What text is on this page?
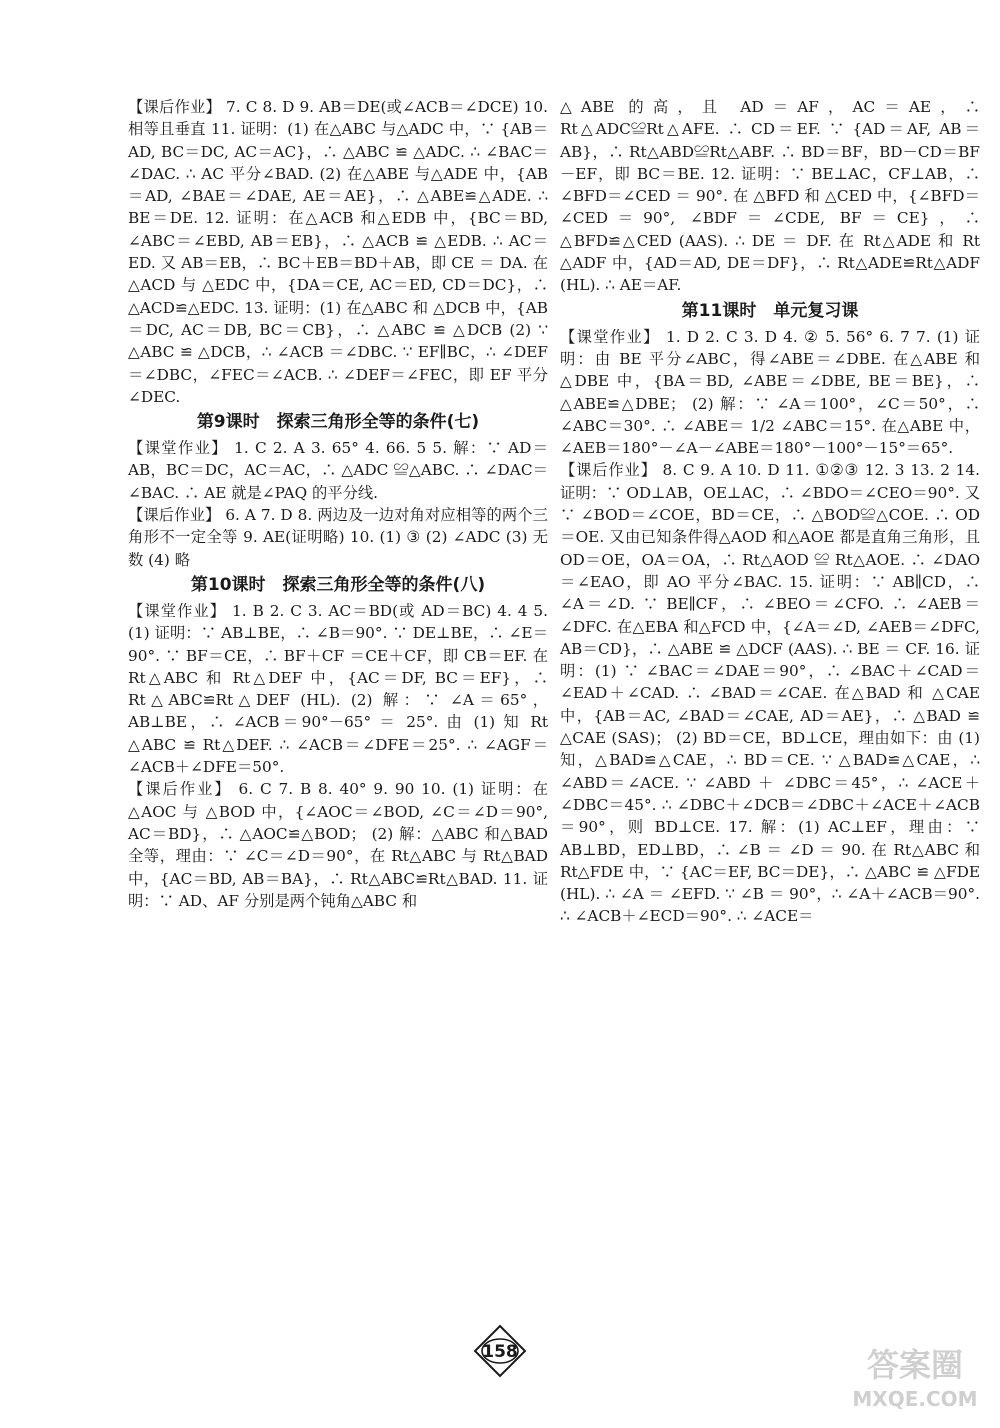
【课后作业】 7. C 8. D 9. AB＝DE(或∠ACB＝∠DCE) 10. 相等且垂直 11. 证明：(1) 在△ABC 与△ADC 中，∵ {AB＝AD, BC＝DC, AC＝AC}，∴ △ABC ≌ △ADC. ∴ ∠BAC＝∠DAC. ∴ AC 平分∠BAD. (2) 在△ABE 与△ADE 中，{AB＝AD, ∠BAE＝∠DAE, AE＝AE}，∴ △ABE≌△ADE. ∴ BE＝DE. 12. 证明：在△ACB 和△EDB 中，{BC＝BD, ∠ABC＝∠EBD, AB＝EB}，∴ △ACB ≌ △EDB. ∴ AC＝ED. 又 AB＝EB，∴ BC＋EB＝BD＋AB，即 CE ＝ DA. 在 △ACD 与 △EDC 中，{DA＝CE, AC＝ED, CD＝DC}，∴ △ACD≌△EDC. 13. 证明：(1) 在△ABC 和 △DCB 中，{AB＝DC, AC＝DB, BC＝CB}，∴ △ABC ≌ △DCB (2) ∵ △ABC ≌ △DCB，∴ ∠ACB ＝∠DBC. ∵ EF∥BC，∴ ∠DEF＝∠DBC，∠FEC＝∠ACB. ∴ ∠DEF＝∠FEC，即 EF 平分∠DEC.

第9课时　探索三角形全等的条件(七)

【课堂作业】 1. C 2. A 3. 65° 4. 66. 5 5. 解：∵ AD＝AB，BC＝DC，AC＝AC，∴ △ADC ≌△ABC. ∴ ∠DAC＝∠BAC. ∴ AE 就是∠PAQ 的平分线.

【课后作业】 6. A 7. D 8. 两边及一边对角对应相等的两个三角形不一定全等 9. AE(证明略) 10. (1) ③ (2) ∠ADC (3) 无数 (4) 略

第10课时　探索三角形全等的条件(八)

【课堂作业】 1. B 2. C 3. AC＝BD(或 AD＝BC) 4. 4 5. (1) 证明：∵ AB⊥BE，∴ ∠B＝90°. ∵ DE⊥BE，∴ ∠E＝90°. ∵ BF＝CE，∴ BF＋CF ＝CE＋CF，即 CB＝EF. 在 Rt△ABC 和 Rt△DEF 中，{AC＝DF, BC＝EF}，∴ Rt△ABC≌Rt△DEF (HL). (2) 解：∵ ∠A＝65°，AB⊥BE，∴ ∠ACB＝90°－65° ＝ 25°. 由 (1) 知 Rt △ABC ≌ Rt△DEF. ∴ ∠ACB＝∠DFE＝25°. ∴ ∠AGF＝∠ACB＋∠DFE＝50°.

【课后作业】 6. C 7. B 8. 40° 9. 90 10. (1) 证明：在 △AOC 与 △BOD 中，{∠AOC＝∠BOD, ∠C＝∠D＝90°, AC＝BD}，∴ △AOC≌△BOD； (2) 解：△ABC 和△BAD 全等，理由：∵ ∠C＝∠D＝90°，在 Rt△ABC 与 Rt△BAD 中，{AC＝BD, AB＝BA}，∴ Rt△ABC≌Rt△BAD. 11. 证明：∵ AD、AF 分别是两个钝角△ABC 和

△ABE 的高，且 AD＝AF，AC＝AE，∴ Rt△ADC≌Rt△AFE. ∴ CD＝EF. ∵ {AD＝AF, AB＝AB}，∴ Rt△ABD≌Rt△ABF. ∴ BD＝BF，BD－CD＝BF－EF，即 BC＝BE. 12. 证明：∵ BE⊥AC，CF⊥AB，∴ ∠BFD＝∠CED ＝ 90°. 在 △BFD 和 △CED 中，{∠BFD＝∠CED＝90°, ∠BDF＝∠CDE, BF＝CE}，∴ △BFD≌△CED (AAS). ∴ DE ＝ DF. 在 Rt△ADE 和 Rt △ADF 中，{AD＝AD, DE＝DF}，∴ Rt△ADE≌Rt△ADF (HL). ∴ AE＝AF.

第11课时　单元复习课

【课堂作业】 1. D 2. C 3. D 4. ② 5. 56° 6. 7 7. (1) 证明：由 BE 平分∠ABC，得∠ABE＝∠DBE. 在△ABE 和△DBE 中，{BA＝BD, ∠ABE＝∠DBE, BE＝BE}，∴ △ABE≌△DBE； (2) 解：∵ ∠A＝100°，∠C＝50°，∴ ∠ABC＝30°. ∴ ∠ABE＝ 1/2 ∠ABC＝15°. 在△ABE 中，∠AEB＝180°－∠A－∠ABE＝180°－100°－15°＝65°.

【课后作业】 8. C 9. A 10. D 11. ①②③ 12. 3 13. 2 14. 证明：∵ OD⊥AB，OE⊥AC，∴ ∠BDO＝∠CEO＝90°. 又∵ ∠BOD＝∠COE，BD＝CE，∴ △BOD≌△COE. ∴ OD＝OE. 又由已知条件得△AOD 和△AOE 都是直角三角形，且 OD＝OE，OA＝OA，∴ Rt△AOD ≌ Rt△AOE. ∴ ∠DAO＝∠EAO，即 AO 平分∠BAC. 15. 证明：∵ AB∥CD，∴ ∠A＝∠D. ∵ BE∥CF，∴ ∠BEO＝∠CFO. ∴ ∠AEB＝∠DFC. 在△EBA 和△FCD 中，{∠A＝∠D, ∠AEB＝∠DFC, AB＝CD}，∴ △ABE ≌ △DCF (AAS). ∴ BE ＝ CF. 16. 证明：(1) ∵ ∠BAC＝∠DAE＝90°，∴ ∠BAC＋∠CAD＝∠EAD＋∠CAD. ∴ ∠BAD＝∠CAE. 在△BAD 和 △CAE 中，{AB＝AC, ∠BAD＝∠CAE, AD＝AE}，∴ △BAD ≌ △CAE (SAS)； (2) BD＝CE，BD⊥CE，理由如下：由 (1) 知，△BAD≌△CAE，∴ BD＝CE. ∵ △BAD≌△CAE，∴ ∠ABD＝∠ACE. ∵ ∠ABD ＋ ∠DBC＝45°，∴ ∠ACE＋∠DBC＝45°. ∴ ∠DBC＋∠DCB＝∠DBC＋∠ACE＋∠ACB＝90°，则 BD⊥CE. 17. 解：(1) AC⊥EF，理由：∵ AB⊥BD，ED⊥BD，∴ ∠B ＝ ∠D ＝ 90. 在 Rt△ABC 和 Rt△FDE 中，∵ {AC＝EF, BC＝DE}，∴ △ABC ≌ △FDE (HL). ∴ ∠A ＝ ∠EFD. ∵ ∠B ＝ 90°，∴ ∠A＋∠ACB＝90°. ∴ ∠ACB＋∠ECD＝90°. ∴ ∠ACE＝

158	答案圈
MXQE.COM
